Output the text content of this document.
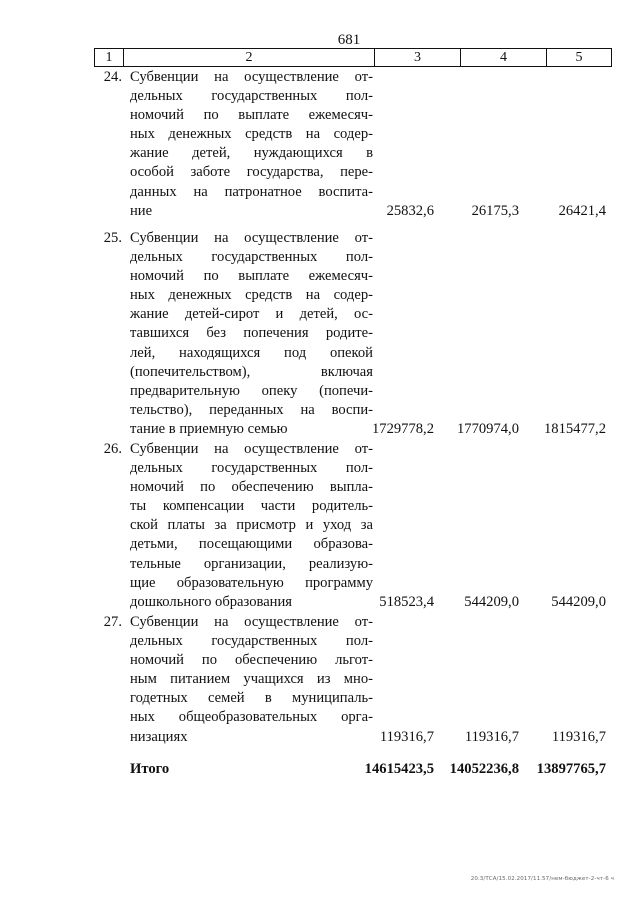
681
1	2	3	4	5
24. Субвенции на осуществление от-
дельных государственных пол-
номочий по выплате ежемесяч-
ных денежных средств на содер-
жание детей, нуждающихся в
особой заботе государства, пере-
данных на патронатное воспита-
ние	25832,6	26175,3	26421,4
25. Субвенции на осуществление от-
дельных государственных пол-
номочий по выплате ежемесяч-
ных денежных средств на содер-
жание детей-сирот и детей, ос-
тавшихся без попечения родите-
лей, находящихся под опекой
(попечительством), включая
предварительную опеку (попечи-
тельство), переданных на воспи-
тание в приемную семью	1729778,2 1770974,0 1815477,2
26. Субвенции на осуществление от-
дельных государственных пол-
номочий по обеспечению выпла-
ты компенсации части родитель-
ской платы за присмотр и уход за
детьми, посещающими образова-
тельные организации, реализую-
щие образовательную программу
дошкольного образования	518523,4 544209,0 544209,0
27. Субвенции на осуществление от-
дельных государственных пол-
номочий по обеспечению льгот-
ным питанием учащихся из мно-
годетных семей в муниципаль-
ных общеобразовательных орга-
низациях	119316,7 119316,7 119316,7
Итого	14615423,5 14052236,8 13897765,7
20.3/ТСА/15.02.2017/11.57/нем-бюджет-2-чт-6 ч
